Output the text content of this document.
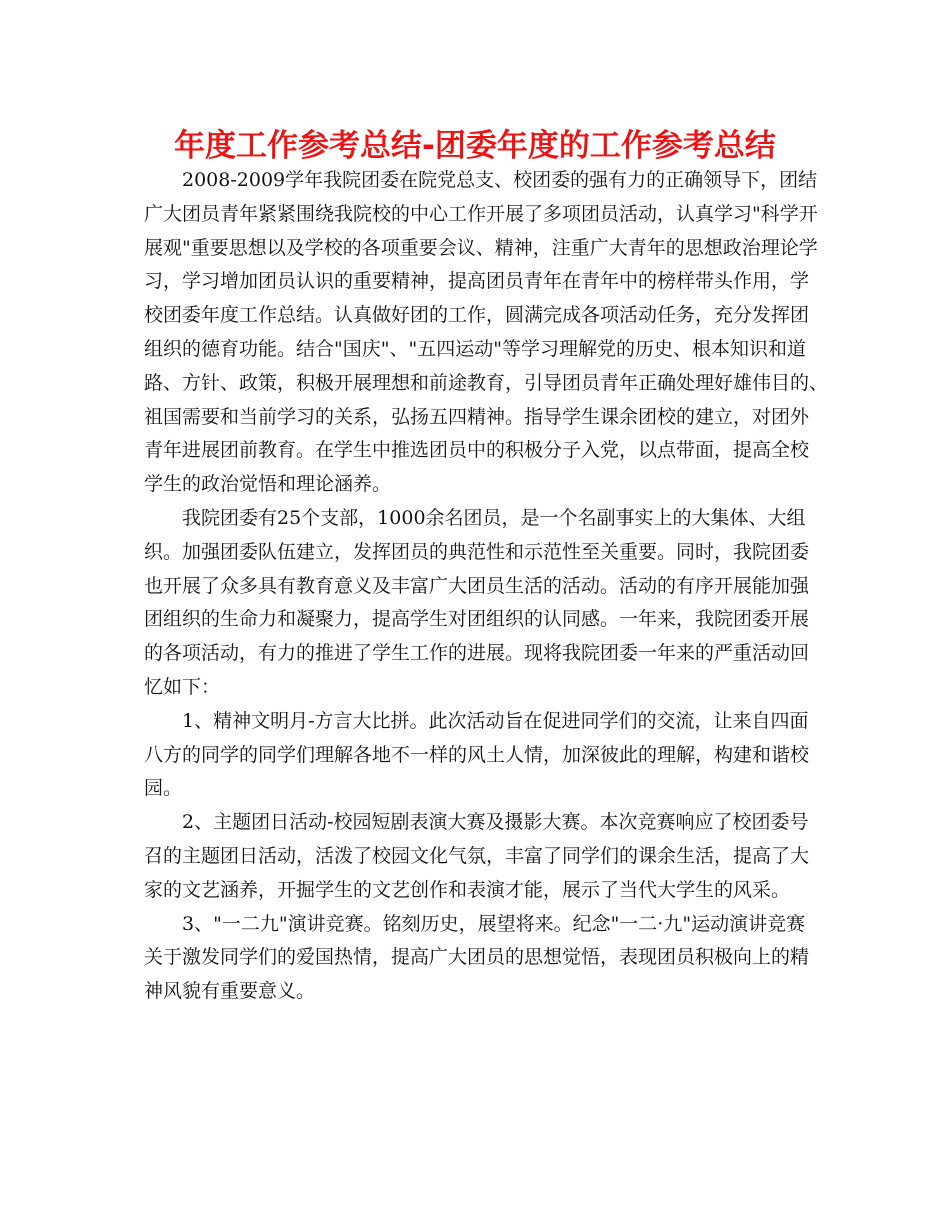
年度工作参考总结-团委年度的工作参考总结
2008-2009学年我院团委在院党总支、校团委的强有力的正确领导下，团结
广大团员青年紧紧围绕我院校的中心工作开展了多项团员活动，认真学习"科学开
展观"重要思想以及学校的各项重要会议、精神，注重广大青年的思想政治理论学
习，学习增加团员认识的重要精神，提高团员青年在青年中的榜样带头作用，学
校团委年度工作总结。认真做好团的工作，圆满完成各项活动任务，充分发挥团
组织的德育功能。结合"国庆"、"五四运动"等学习理解党的历史、根本知识和道
路、方针、政策，积极开展理想和前途教育，引导团员青年正确处理好雄伟目的、
祖国需要和当前学习的关系，弘扬五四精神。指导学生课余团校的建立，对团外
青年进展团前教育。在学生中推选团员中的积极分子入党，以点带面，提高全校
学生的政治觉悟和理论涵养。
我院团委有25个支部，1000余名团员，是一个名副事实上的大集体、大组
织。加强团委队伍建立，发挥团员的典范性和示范性至关重要。同时，我院团委
也开展了众多具有教育意义及丰富广大团员生活的活动。活动的有序开展能加强
团组织的生命力和凝聚力，提高学生对团组织的认同感。一年来，我院团委开展
的各项活动，有力的推进了学生工作的进展。现将我院团委一年来的严重活动回
忆如下：
1、精神文明月-方言大比拼。此次活动旨在促进同学们的交流，让来自四面
八方的同学的同学们理解各地不一样的风土人情，加深彼此的理解，构建和谐校
园。
2、主题团日活动-校园短剧表演大赛及摄影大赛。本次竞赛响应了校团委号
召的主题团日活动，活泼了校园文化气氛，丰富了同学们的课余生活，提高了大
家的文艺涵养，开掘学生的文艺创作和表演才能，展示了当代大学生的风采。
3、"一二九"演讲竞赛。铭刻历史，展望将来。纪念"一二·九"运动演讲竞赛
关于激发同学们的爱国热情，提高广大团员的思想觉悟，表现团员积极向上的精
神风貌有重要意义。
